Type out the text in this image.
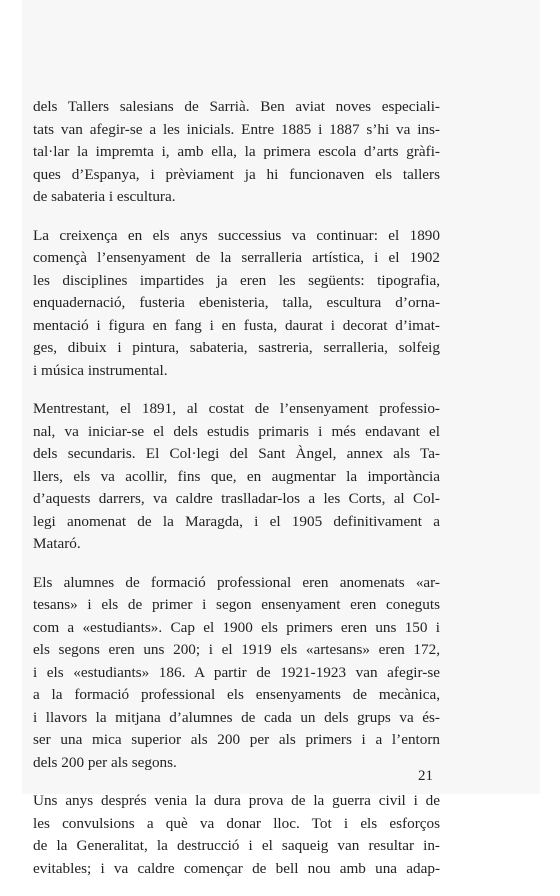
dels Tallers salesians de Sarrià. Ben aviat noves especiali-
tats van afegir-se a les inicials. Entre 1885 i 1887 s’hi va ins-
tal·lar la impremta i, amb ella, la primera escola d’arts gràfi-
ques d’Espanya, i prèviament ja hi funcionaven els tallers
de sabateria i escultura.

La creixença en els anys successius va continuar: el 1890
començà l’ensenyament de la serralleria artística, i el 1902
les disciplines impartides ja eren les següents: tipografia,
enquadernació, fusteria ebenisteria, talla, escultura d’orna-
mentació i figura en fang i en fusta, daurat i decorat d’imat-
ges, dibuix i pintura, sabateria, sastreria, serralleria, solfeig
i música instrumental.

Mentrestant, el 1891, al costat de l’ensenyament professio-
nal, va iniciar-se el dels estudis primaris i més endavant el
dels secundaris. El Col·legi del Sant Àngel, annex als Ta-
llers, els va acollir, fins que, en augmentar la importància
d’aquests darrers, va caldre traslladar-los a les Corts, al Col-
legi anomenat de la Maragda, i el 1905 definitivament a
Mataró.

Els alumnes de formació professional eren anomenats «ar-
tesans» i els de primer i segon ensenyament eren coneguts
com a «estudiants». Cap el 1900 els primers eren uns 150 i
els segons eren uns 200; i el 1919 els «artesans» eren 172,
i els «estudiants» 186. A partir de 1921-1923 van afegir-se
a la formació professional els ensenyaments de mecànica,
i llavors la mitjana d’alumnes de cada un dels grups va és-
ser una mica superior als 200 per als primers i a l’entorn
dels 200 per als segons.

Uns anys després venia la dura prova de la guerra civil i de
les convulsions a què va donar lloc. Tot i els esforços
de la Generalitat, la destrucció i el saqueig van resultar in-
evitables; i va caldre començar de bell nou amb una adap-

21
